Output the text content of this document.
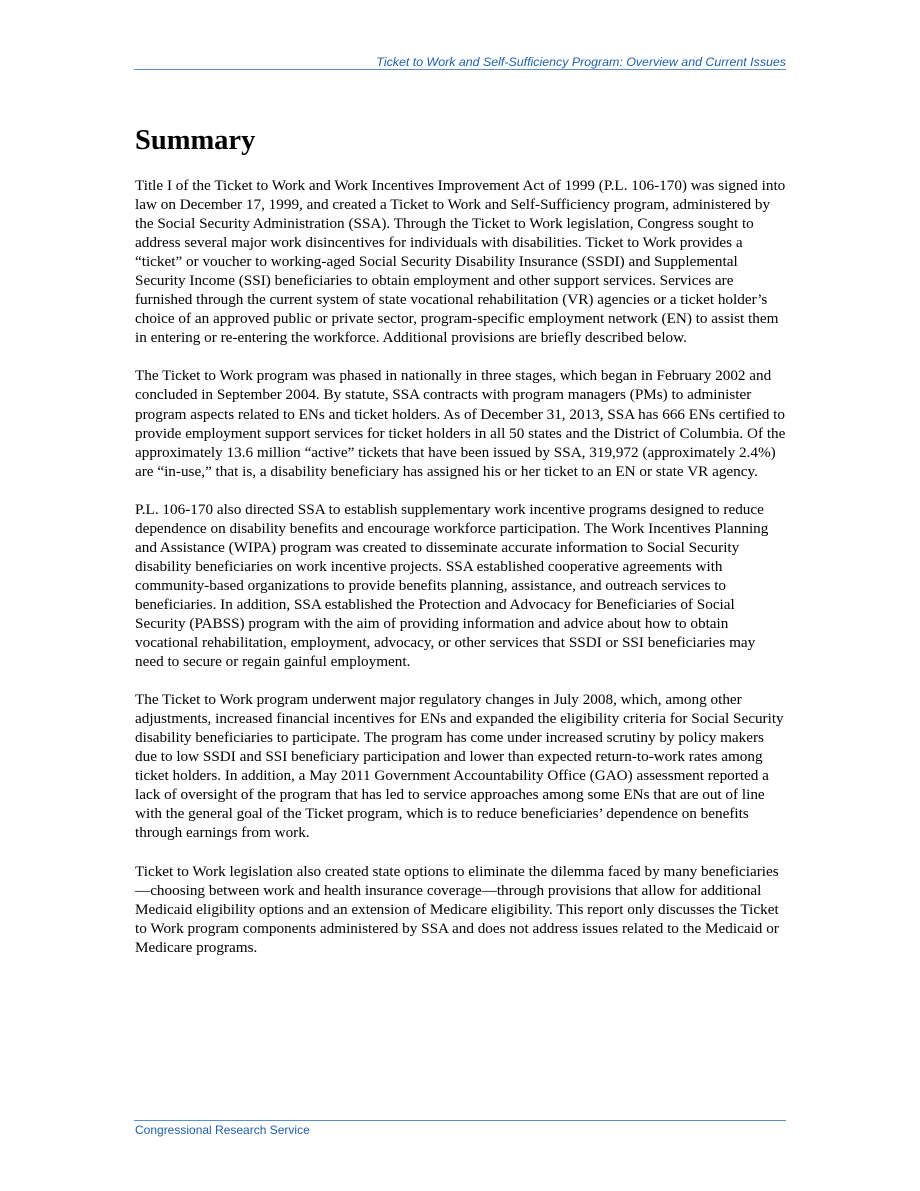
Ticket to Work and Self-Sufficiency Program: Overview and Current Issues
Summary

Title I of the Ticket to Work and Work Incentives Improvement Act of 1999 (P.L. 106-170) was signed into law on December 17, 1999, and created a Ticket to Work and Self-Sufficiency program, administered by the Social Security Administration (SSA). Through the Ticket to Work legislation, Congress sought to address several major work disincentives for individuals with disabilities. Ticket to Work provides a “ticket” or voucher to working-aged Social Security Disability Insurance (SSDI) and Supplemental Security Income (SSI) beneficiaries to obtain employment and other support services. Services are furnished through the current system of state vocational rehabilitation (VR) agencies or a ticket holder’s choice of an approved public or private sector, program-specific employment network (EN) to assist them in entering or re-entering the workforce. Additional provisions are briefly described below.

The Ticket to Work program was phased in nationally in three stages, which began in February 2002 and concluded in September 2004. By statute, SSA contracts with program managers (PMs) to administer program aspects related to ENs and ticket holders. As of December 31, 2013, SSA has 666 ENs certified to provide employment support services for ticket holders in all 50 states and the District of Columbia. Of the approximately 13.6 million “active” tickets that have been issued by SSA, 319,972 (approximately 2.4%) are “in-use,” that is, a disability beneficiary has assigned his or her ticket to an EN or state VR agency.

P.L. 106-170 also directed SSA to establish supplementary work incentive programs designed to reduce dependence on disability benefits and encourage workforce participation. The Work Incentives Planning and Assistance (WIPA) program was created to disseminate accurate information to Social Security disability beneficiaries on work incentive projects. SSA established cooperative agreements with community-based organizations to provide benefits planning, assistance, and outreach services to beneficiaries. In addition, SSA established the Protection and Advocacy for Beneficiaries of Social Security (PABSS) program with the aim of providing information and advice about how to obtain vocational rehabilitation, employment, advocacy, or other services that SSDI or SSI beneficiaries may need to secure or regain gainful employment.

The Ticket to Work program underwent major regulatory changes in July 2008, which, among other adjustments, increased financial incentives for ENs and expanded the eligibility criteria for Social Security disability beneficiaries to participate. The program has come under increased scrutiny by policy makers due to low SSDI and SSI beneficiary participation and lower than expected return-to-work rates among ticket holders. In addition, a May 2011 Government Accountability Office (GAO) assessment reported a lack of oversight of the program that has led to service approaches among some ENs that are out of line with the general goal of the Ticket program, which is to reduce beneficiaries’ dependence on benefits through earnings from work.

Ticket to Work legislation also created state options to eliminate the dilemma faced by many beneficiaries—choosing between work and health insurance coverage—through provisions that allow for additional Medicaid eligibility options and an extension of Medicare eligibility. This report only discusses the Ticket to Work program components administered by SSA and does not address issues related to the Medicaid or Medicare programs.

Congressional Research Service
